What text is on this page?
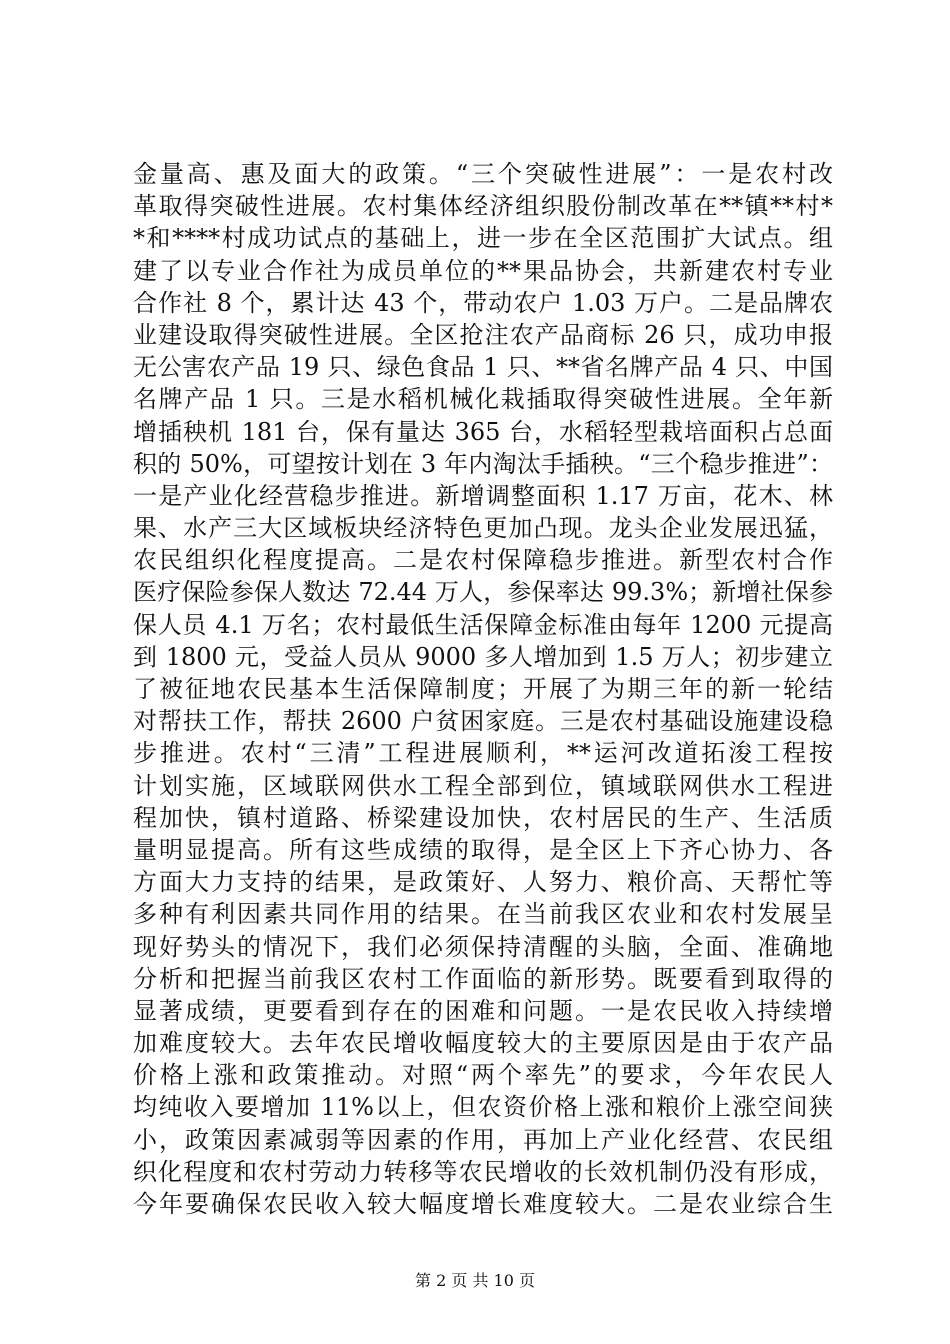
金量高、惠及面大的政策。“三个突破性进展”：一是农村改
革取得突破性进展。农村集体经济组织股份制改革在**镇**村*
*和****村成功试点的基础上，进一步在全区范围扩大试点。组
建了以专业合作社为成员单位的**果品协会，共新建农村专业
合作社 8 个，累计达 43 个，带动农户 1.03 万户。二是品牌农
业建设取得突破性进展。全区抢注农产品商标 26 只，成功申报
无公害农产品 19 只、绿色食品 1 只、**省名牌产品 4 只、中国
名牌产品 1 只。三是水稻机械化栽插取得突破性进展。全年新
增插秧机 181 台，保有量达 365 台，水稻轻型栽培面积占总面
积的 50%，可望按计划在 3 年内淘汰手插秧。“三个稳步推进”：
一是产业化经营稳步推进。新增调整面积 1.17 万亩，花木、林
果、水产三大区域板块经济特色更加凸现。龙头企业发展迅猛，
农民组织化程度提高。二是农村保障稳步推进。新型农村合作
医疗保险参保人数达 72.44 万人，参保率达 99.3%；新增社保参
保人员 4.1 万名；农村最低生活保障金标准由每年 1200 元提高
到 1800 元，受益人员从 9000 多人增加到 1.5 万人；初步建立
了被征地农民基本生活保障制度；开展了为期三年的新一轮结
对帮扶工作，帮扶 2600 户贫困家庭。三是农村基础设施建设稳
步推进。农村“三清”工程进展顺利，**运河改道拓浚工程按
计划实施，区域联网供水工程全部到位，镇域联网供水工程进
程加快，镇村道路、桥梁建设加快，农村居民的生产、生活质
量明显提高。所有这些成绩的取得，是全区上下齐心协力、各
方面大力支持的结果，是政策好、人努力、粮价高、天帮忙等
多种有利因素共同作用的结果。在当前我区农业和农村发展呈
现好势头的情况下，我们必须保持清醒的头脑，全面、准确地
分析和把握当前我区农村工作面临的新形势。既要看到取得的
显著成绩，更要看到存在的困难和问题。一是农民收入持续增
加难度较大。去年农民增收幅度较大的主要原因是由于农产品
价格上涨和政策推动。对照“两个率先”的要求，今年农民人
均纯收入要增加 11%以上，但农资价格上涨和粮价上涨空间狭
小，政策因素减弱等因素的作用，再加上产业化经营、农民组
织化程度和农村劳动力转移等农民增收的长效机制仍没有形成，
今年要确保农民收入较大幅度增长难度较大。二是农业综合生
第 2 页 共 10 页
